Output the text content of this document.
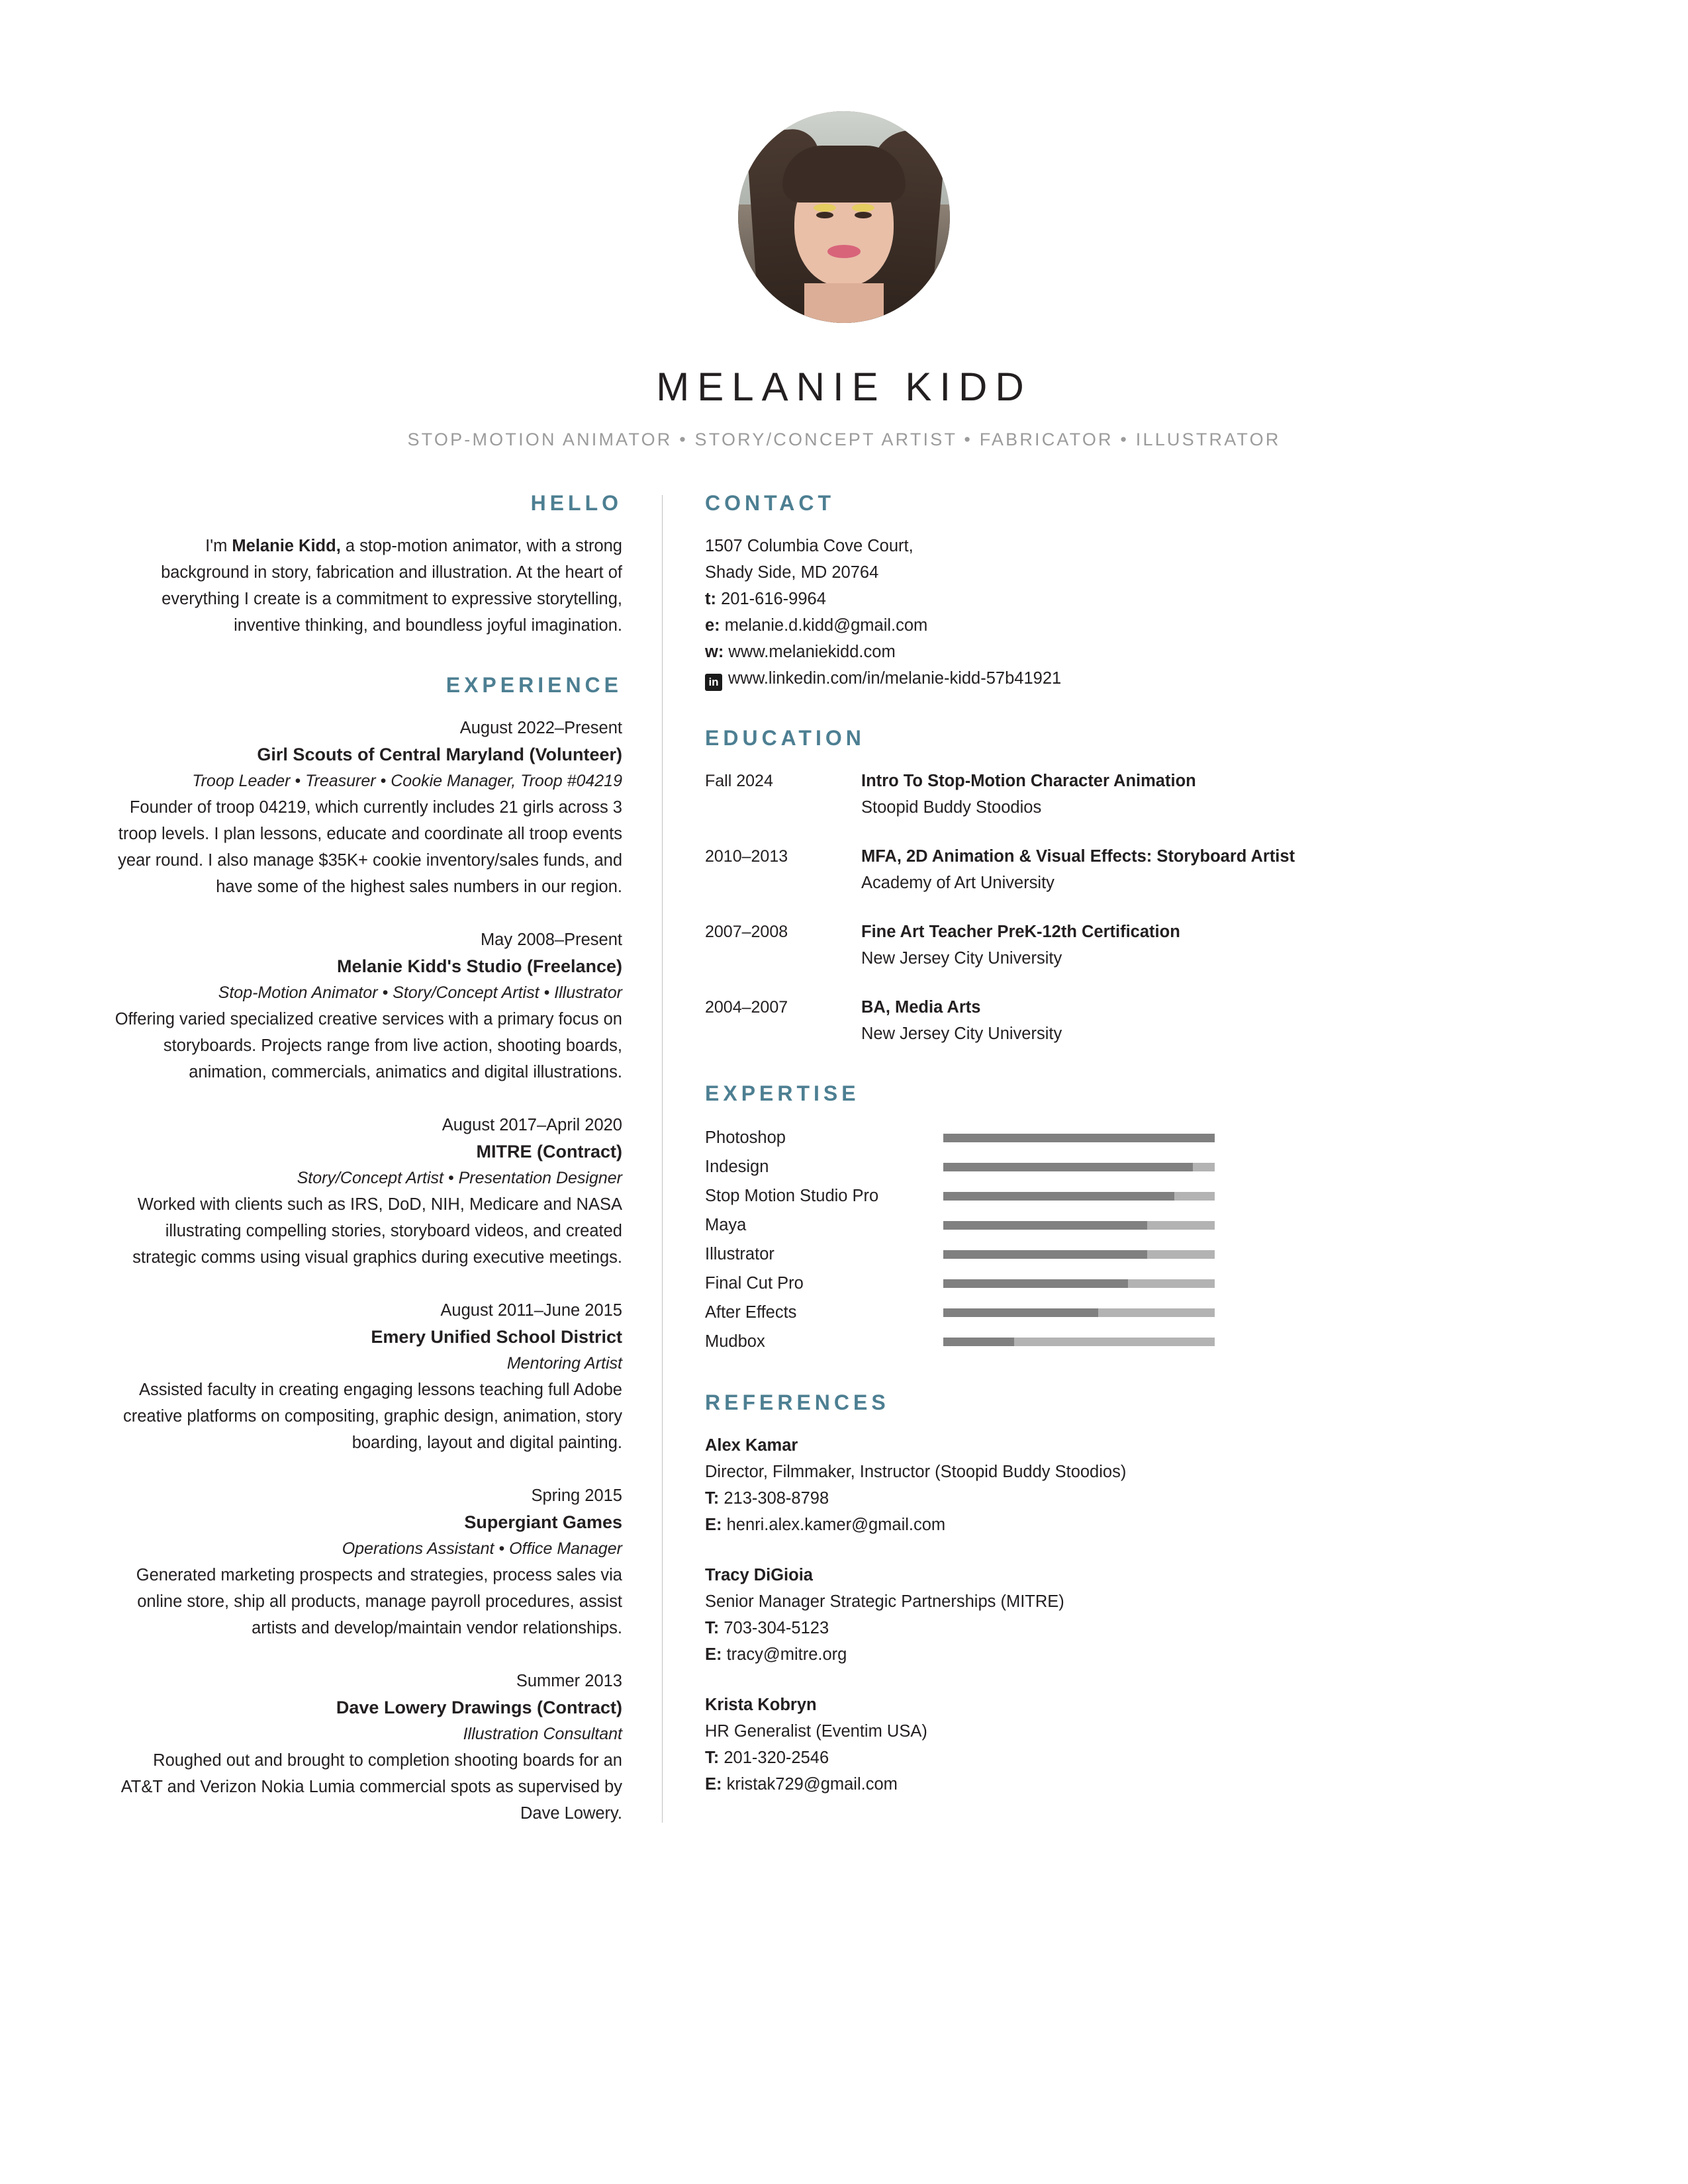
MELANIE KIDD
STOP-MOTION ANIMATOR • STORY/CONCEPT ARTIST • FABRICATOR • ILLUSTRATOR
HELLO

I'm Melanie Kidd, a stop-motion animator, with a strong background in story, fabrication and illustration. At the heart of everything I create is a commitment to expressive storytelling, inventive thinking, and boundless joyful imagination.

EXPERIENCE
August 2022–Present
Girl Scouts of Central Maryland (Volunteer)
Troop Leader • Treasurer • Cookie Manager, Troop #04219
Founder of troop 04219, which currently includes 21 girls across 3 troop levels. I plan lessons, educate and coordinate all troop events year round. I also manage $35K+ cookie inventory/sales funds, and have some of the highest sales numbers in our region.
May 2008–Present
Melanie Kidd's Studio (Freelance)
Stop-Motion Animator • Story/Concept Artist • Illustrator
Offering varied specialized creative services with a primary focus on storyboards. Projects range from live action, shooting boards, animation, commercials, animatics and digital illustrations.
August 2017–April 2020
MITRE (Contract)
Story/Concept Artist • Presentation Designer
Worked with clients such as IRS, DoD, NIH, Medicare and NASA illustrating compelling stories, storyboard videos, and created strategic comms using visual graphics during executive meetings.
August 2011–June 2015
Emery Unified School District
Mentoring Artist
Assisted faculty in creating engaging lessons teaching full Adobe creative platforms on compositing, graphic design, animation, story boarding, layout and digital painting.
Spring 2015
Supergiant Games
Operations Assistant • Office Manager
Generated marketing prospects and strategies, process sales via online store, ship all products, manage payroll procedures, assist artists and develop/maintain vendor relationships.
Summer 2013
Dave Lowery Drawings (Contract)
Illustration Consultant
Roughed out and brought to completion shooting boards for an AT&T and Verizon Nokia Lumia commercial spots as supervised by Dave Lowery.
CONTACT
1507 Columbia Cove Court,
Shady Side, MD 20764
t: 201-616-9964
e: melanie.d.kidd@gmail.com
w: www.melaniekidd.com
in www.linkedin.com/in/melanie-kidd-57b41921
EDUCATION
Fall 2024	Intro To Stop-Motion Character Animation
Stoopid Buddy Stoodios
2010–2013	MFA, 2D Animation & Visual Effects: Storyboard Artist
Academy of Art University
2007–2008	Fine Art Teacher PreK-12th Certification
New Jersey City University
2004–2007	BA, Media Arts
New Jersey City University
EXPERTISE
Photoshop
Indesign
Stop Motion Studio Pro
Maya
Illustrator
Final Cut Pro
After Effects
Mudbox
REFERENCES
Alex Kamar
Director, Filmmaker, Instructor (Stoopid Buddy Stoodios)
T: 213-308-8798
E: henri.alex.kamer@gmail.com
Tracy DiGioia
Senior Manager Strategic Partnerships (MITRE)
T: 703-304-5123
E: tracy@mitre.org
Krista Kobryn
HR Generalist (Eventim USA)
T: 201-320-2546
E: kristak729@gmail.com
